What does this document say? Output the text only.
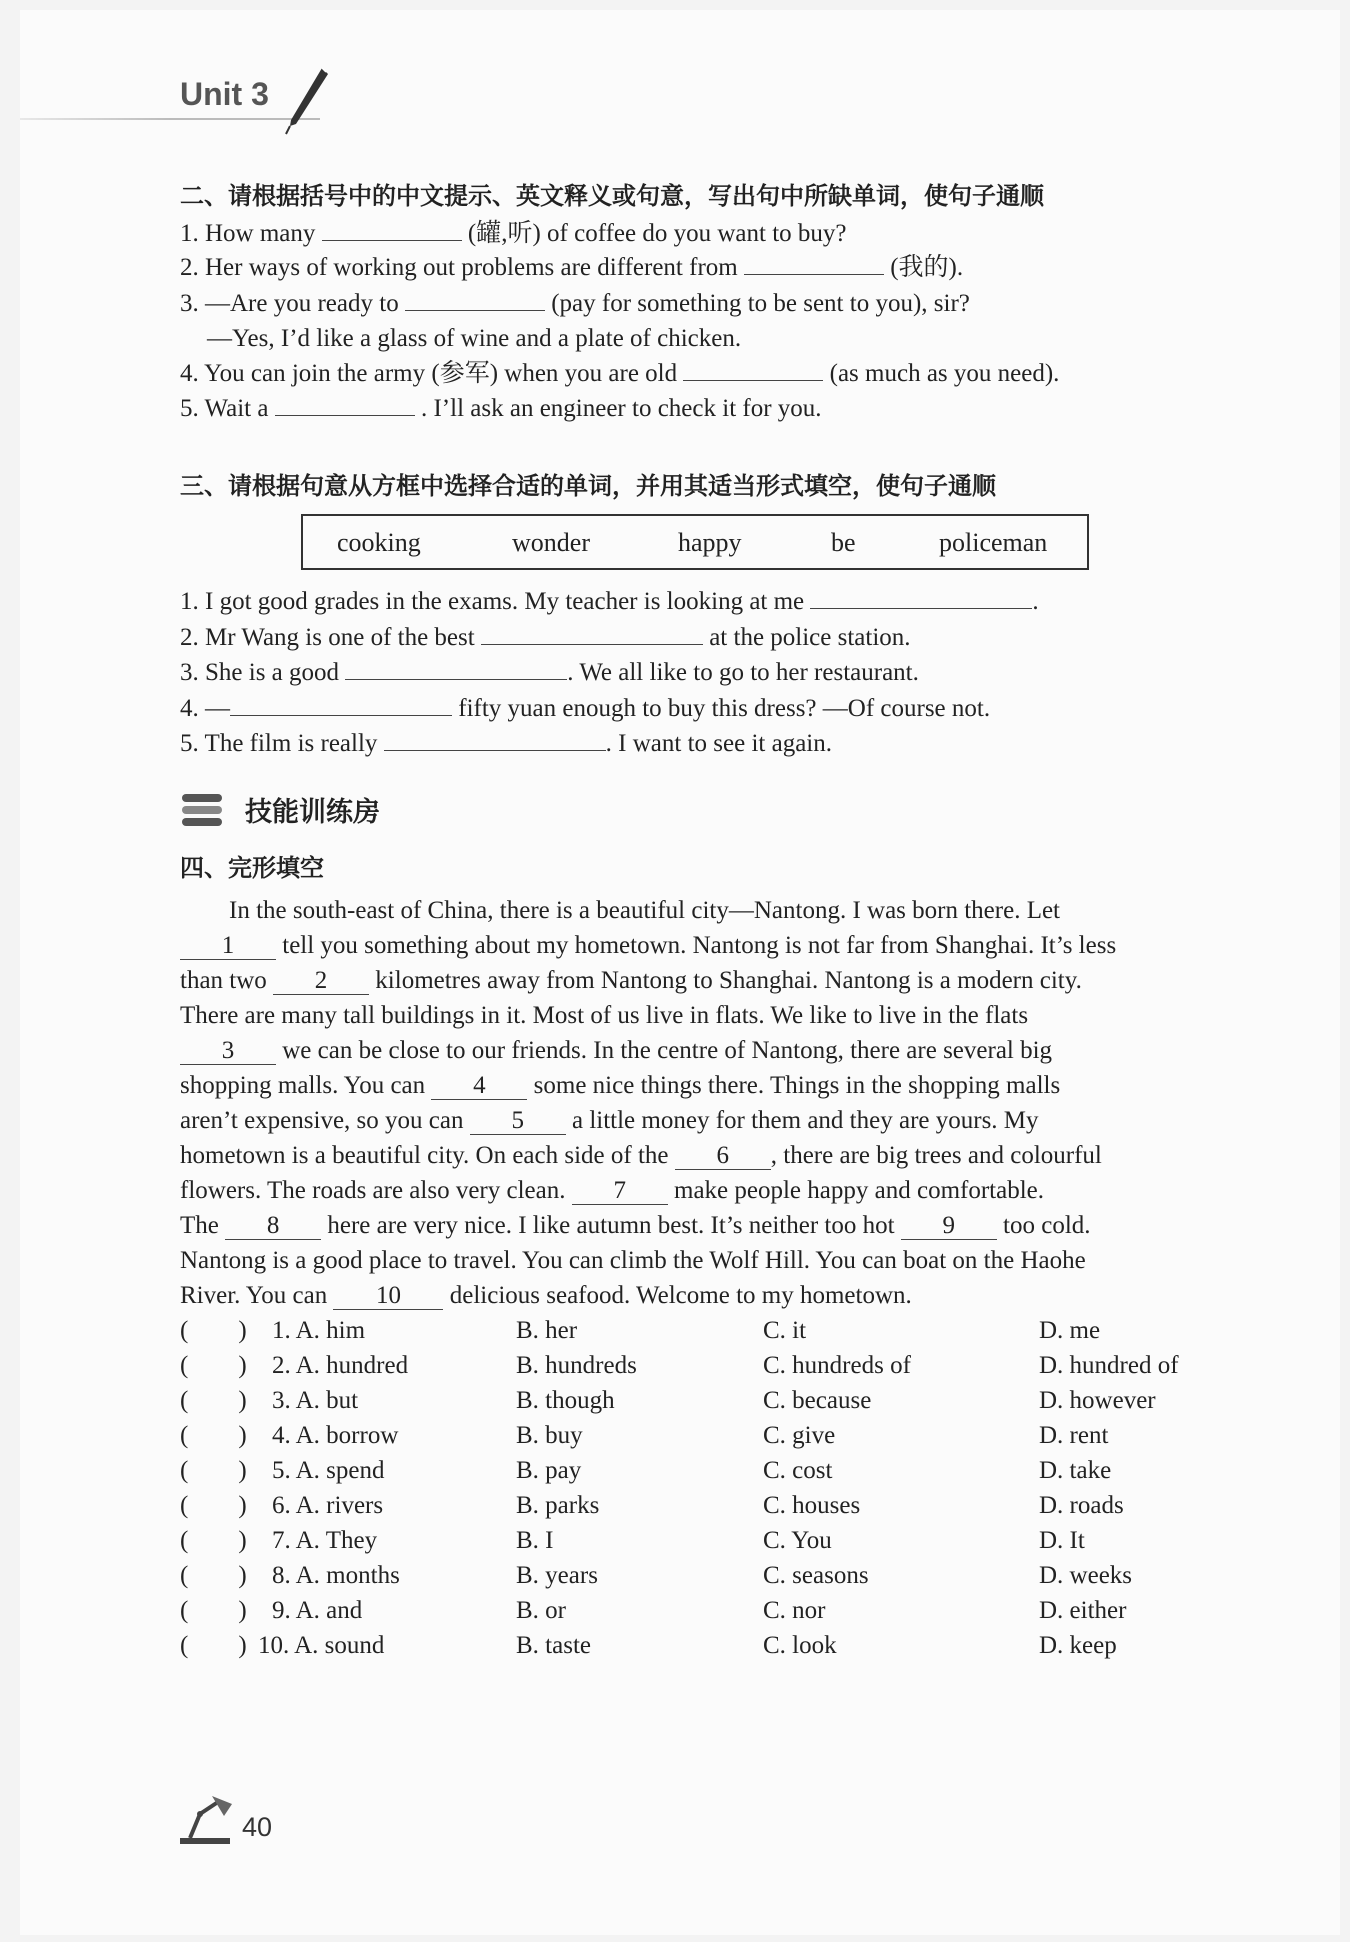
Unit 3
二、请根据括号中的中文提示、英文释义或句意，写出句中所缺单词，使句子通顺
1. How many	(罐,听) of coffee do you want to buy?
2. Her ways of working out problems are different from	(我的).
3. —Are you ready to	(pay for something to be sent to you), sir?
—Yes, I’d like a glass of wine and a plate of chicken.
4. You can join the army (参军) when you are old	(as much as you need).
5. Wait a	. I’ll ask an engineer to check it for you.
三、请根据句意从方框中选择合适的单词，并用其适当形式填空，使句子通顺
cooking	wonder	happy	be	policeman
1. I got good grades in the exams. My teacher is looking at me	.
2. Mr Wang is one of the best	at the police station.
3. She is a good	. We all like to go to her restaurant.
4. —	fifty yuan enough to buy this dress? —Of course not.
5. The film is really	. I want to see it again.
技能训练房
四、完形填空
In the south-east of China, there is a beautiful city—Nantong. I was born there. Let
1 tell you something about my hometown. Nantong is not far from Shanghai. It’s less
than two 2 kilometres away from Nantong to Shanghai. Nantong is a modern city.
There are many tall buildings in it. Most of us live in flats. We like to live in the flats
3 we can be close to our friends. In the centre of Nantong, there are several big
shopping malls. You can 4 some nice things there. Things in the shopping malls
aren’t expensive, so you can 5 a little money for them and they are yours. My
hometown is a beautiful city. On each side of the 6 , there are big trees and colourful
flowers. The roads are also very clean. 7 make people happy and comfortable.
The 8 here are very nice. I like autumn best. It’s neither too hot 9 too cold.
Nantong is a good place to travel. You can climb the Wolf Hill. You can boat on the Haohe
River. You can 10 delicious seafood. Welcome to my hometown.
(        ) 1. A. him	B. her	C. it	D. me
(        ) 2. A. hundred	B. hundreds	C. hundreds of	D. hundred of
(        ) 3. A. but	B. though	C. because	D. however
(        ) 4. A. borrow	B. buy	C. give	D. rent
(        ) 5. A. spend	B. pay	C. cost	D. take
(        ) 6. A. rivers	B. parks	C. houses	D. roads
(        ) 7. A. They	B. I	C. You	D. It
(        ) 8. A. months	B. years	C. seasons	D. weeks
(        ) 9. A. and	B. or	C. nor	D. either
(        ) 10. A. sound	B. taste	C. look	D. keep
40
